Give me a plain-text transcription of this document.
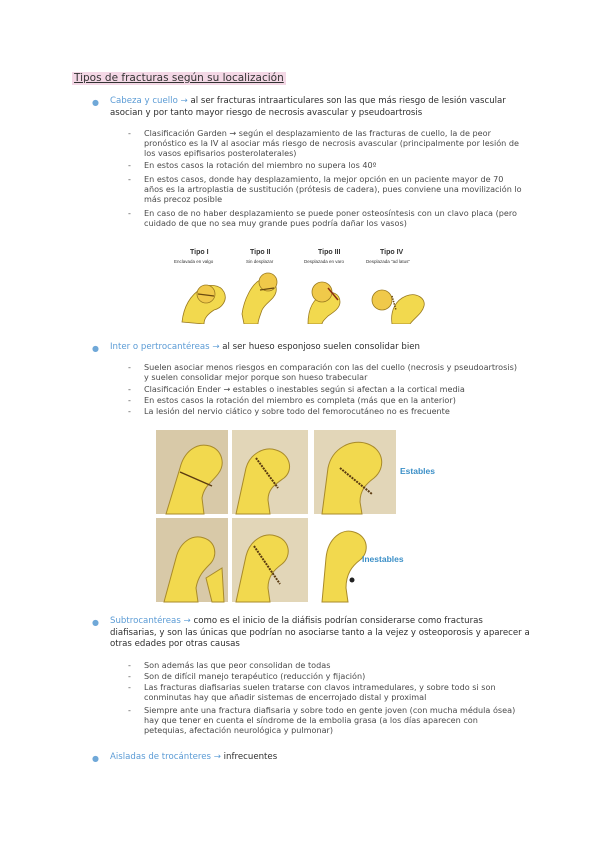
Tipos de fracturas según su localización
● Cabeza y cuello → al ser fracturas intraarticulares son las que más riesgo de lesión vascular asocian y por tanto mayor riesgo de necrosis avascular y pseudoartrosis
- Clasificación Garden → según el desplazamiento de las fracturas de cuello, la de peor pronóstico es la IV al asociar más riesgo de necrosis avascular (principalmente por lesión de los vasos epifisarios posterolaterales)
- En estos casos la rotación del miembro no supera los 40º
- En estos casos, donde hay desplazamiento, la mejor opción en un paciente mayor de 70 años es la artroplastia de sustitución (prótesis de cadera), pues conviene una movilización lo más precoz posible
- En caso de no haber desplazamiento se puede poner osteosíntesis con un clavo placa (pero cuidado de que no sea muy grande pues podría dañar los vasos)
Tipo I
Enclavada en valgo
Tipo II
Sin desplazar
Tipo III
Desplazada en varo
Tipo IV
Desplazada "ad latus"
● Inter o pertrocantéreas → al ser hueso esponjoso suelen consolidar bien
- Suelen asociar menos riesgos en comparación con las del cuello (necrosis y pseudoartrosis) y suelen consolidar mejor porque son hueso trabecular
- Clasificación Ender → estables o inestables según si afectan a la cortical media
- En estos casos la rotación del miembro es completa (más que en la anterior)
- La lesión del nervio ciático y sobre todo del femorocutáneo no es frecuente
Estables
Inestables
● Subtrocantéreas → como es el inicio de la diáfisis podrían considerarse como fracturas diafisarias, y son las únicas que podrían no asociarse tanto a la vejez y osteoporosis y aparecer a otras edades por otras causas
- Son además las que peor consolidan de todas
- Son de difícil manejo terapéutico (reducción y fijación)
- Las fracturas diafisarias suelen tratarse con clavos intramedulares, y sobre todo si son conminutas hay que añadir sistemas de encerrojado distal y proximal
- Siempre ante una fractura diafisaria y sobre todo en gente joven (con mucha médula ósea) hay que tener en cuenta el síndrome de la embolia grasa (a los días aparecen con petequias, afectación neurológica y pulmonar)
● Aisladas de trocánteres → infrecuentes
